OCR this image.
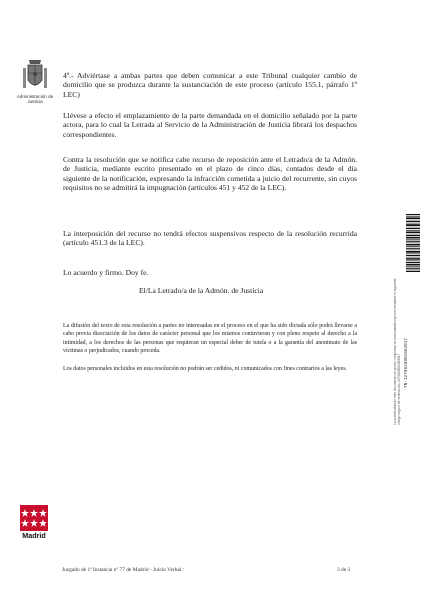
Administración de Justicia
4º.- Adviértase a ambas partes que deben comunicar a este Tribunal cualquier cambio de domicilio que se produzca durante la sustanciación de este proceso (artículo 155.1, párrafo 1º LEC)
Llévese a efecto el emplazamiento de la parte demandada en el domicilio señalado por la parte actora, para lo cual la Letrada al Servicio de la Administración de Justicia librará los despachos correspondientes.
Contra la resolución que se notifica cabe recurso de reposición ante el Letrado/a de la Admón. de Justicia, mediante escrito presentado en el plazo de cinco días, contados desde el día siguiente de la notificación, expresando la infracción cometida a juicio del recurrente, sin cuyos requisitos no se admitirá la impugnación (artículos 451 y 452 de la LEC).
La interposición del recurso no tendrá efectos suspensivos respecto de la resolución recurrida (artículo 451.3 de la LEC).
Lo acuerdo y firmo. Doy fe.
El/La Letrado/a de la Admón. de Justicia
La difusión del texto de esta resolución a partes no interesadas en el proceso en el que ha sido dictada sólo podrá llevarse a cabo previa disociación de los datos de carácter personal que los mismos contuvieran y con pleno respeto al derecho a la intimidad, a los derechos de las personas que requieran un especial deber de tutela o a la garantía del anonimato de las víctimas o perjudicados, cuando proceda.
Los datos personales incluidos en esta resolución no podrán ser cedidos, ni comunicados con fines contrarios a las leyes.	TN-1279628901562817
La autenticidad de este documento se puede comprobar en www.madrid.org/cove mediante el siguiente código seguro de verificación: 1279628901562817
Madrid
Juzgado de 1ª Instancia nº 77 de Madrid - Juicio Verbal :	3 de 3
